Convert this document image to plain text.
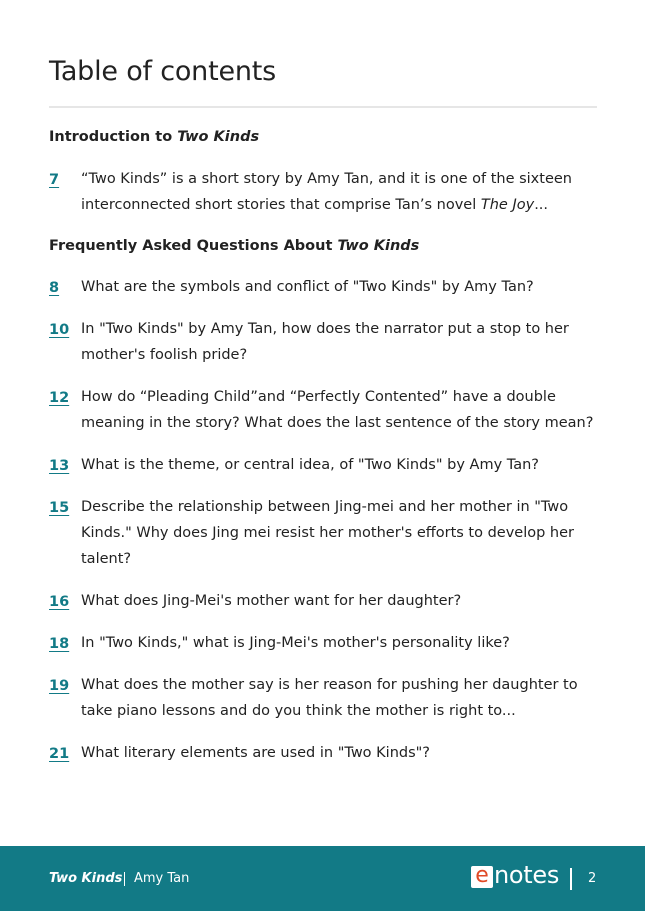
Table of contents
Introduction to Two Kinds
7 “Two Kinds” is a short story by Amy Tan, and it is one of the sixteen interconnected short stories that comprise Tan’s novel The Joy...
Frequently Asked Questions About Two Kinds
8 What are the symbols and conflict of "Two Kinds" by Amy Tan?
10 In "Two Kinds" by Amy Tan, how does the narrator put a stop to her mother's foolish pride?
12 How do “Pleading Child”and “Perfectly Contented” have a double meaning in the story? What does the last sentence of the story mean?
13 What is the theme, or central idea, of "Two Kinds" by Amy Tan?
15 Describe the relationship between Jing-mei and her mother in "Two Kinds." Why does Jing mei resist her mother's efforts to develop her talent?
16 What does Jing-Mei's mother want for her daughter?
18 In "Two Kinds," what is Jing-Mei's mother's personality like?
19 What does the mother say is her reason for pushing her daughter to take piano lessons and do you think the mother is right to...
21 What literary elements are used in "Two Kinds"?
Two Kinds Amy Tan	e notes 2
